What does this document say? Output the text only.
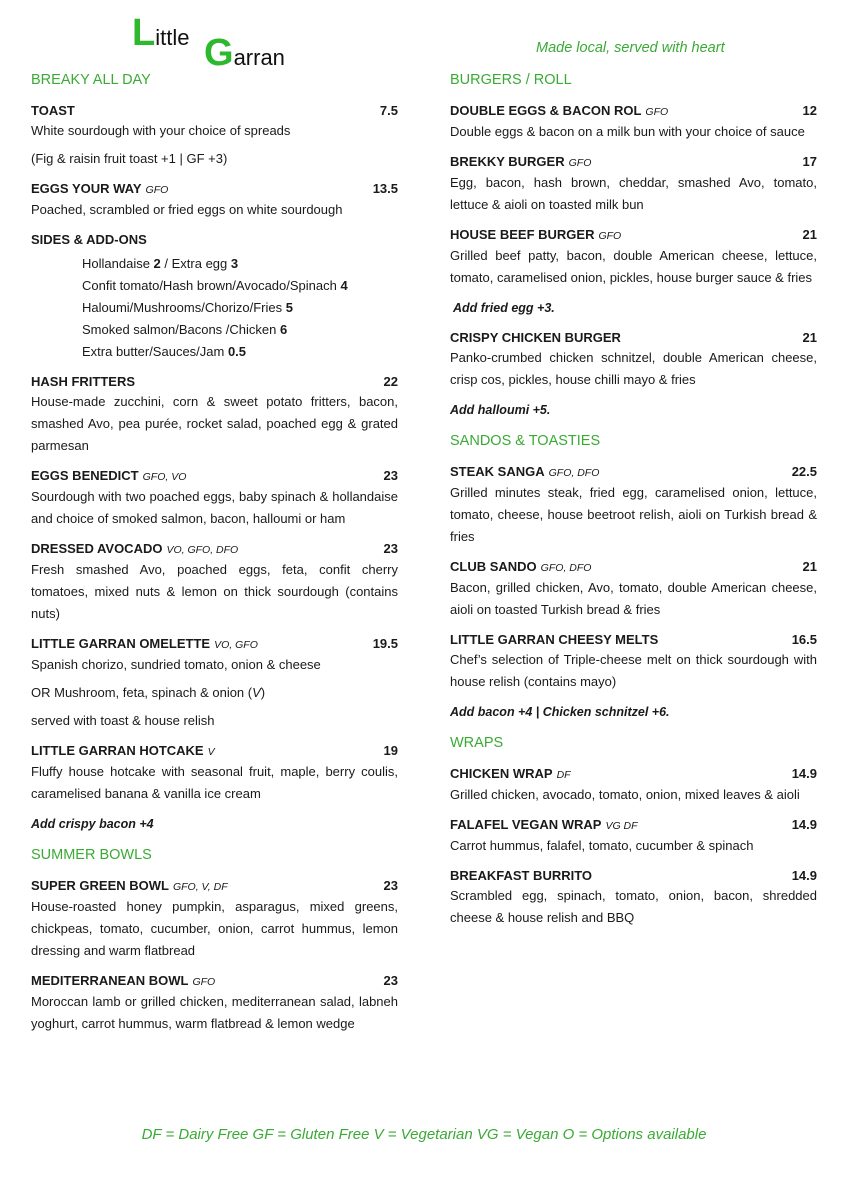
Little Garran	Made local, served with heart
BREAKY ALL DAY
TOAST	7.5
White sourdough with your choice of spreads
(Fig & raisin fruit toast +1 | GF +3)
EGGS YOUR WAY GFO	13.5
Poached, scrambled or fried eggs on white sourdough
SIDES & ADD-ONS
Hollandaise 2 / Extra egg 3
Confit tomato/Hash brown/Avocado/Spinach 4
Haloumi/Mushrooms/Chorizo/Fries 5
Smoked salmon/Bacons /Chicken 6
Extra butter/Sauces/Jam 0.5
HASH FRITTERS	22
House-made zucchini, corn & sweet potato fritters, bacon, smashed Avo, pea purée, rocket salad, poached egg & grated parmesan
EGGS BENEDICT GFO, VO	23
Sourdough with two poached eggs, baby spinach & hollandaise and choice of smoked salmon, bacon, halloumi or ham
DRESSED AVOCADO VO, GFO, DFO	23
Fresh smashed Avo, poached eggs, feta, confit cherry tomatoes, mixed nuts & lemon on thick sourdough (contains nuts)
LITTLE GARRAN OMELETTE VO, GFO	19.5
Spanish chorizo, sundried tomato, onion & cheese
OR Mushroom, feta, spinach & onion (V)
served with toast & house relish
LITTLE GARRAN HOTCAKE V	19
Fluffy house hotcake with seasonal fruit, maple, berry coulis, caramelised banana & vanilla ice cream
Add crispy bacon +4
SUMMER BOWLS
SUPER GREEN BOWL GFO, V, DF	23
House-roasted honey pumpkin, asparagus, mixed greens, chickpeas, tomato, cucumber, onion, carrot hummus, lemon dressing and warm flatbread
MEDITERRANEAN BOWL GFO	23
Moroccan lamb or grilled chicken, mediterranean salad, labneh yoghurt, carrot hummus, warm flatbread & lemon wedge
BURGERS / ROLL
DOUBLE EGGS & BACON ROL GFO	12
Double eggs & bacon on a milk bun with your choice of sauce
BREKKY BURGER GFO	17
Egg, bacon, hash brown, cheddar, smashed Avo, tomato, lettuce & aioli on toasted milk bun
HOUSE BEEF BURGER GFO	21
Grilled beef patty, bacon, double American cheese, lettuce, tomato, caramelised onion, pickles, house burger sauce & fries
Add fried egg +3.
CRISPY CHICKEN BURGER	21
Panko-crumbed chicken schnitzel, double American cheese, crisp cos, pickles, house chilli mayo & fries
Add halloumi +5.
SANDOS & TOASTIES
STEAK SANGA GFO, DFO	22.5
Grilled minutes steak, fried egg, caramelised onion, lettuce, tomato, cheese, house beetroot relish, aioli on Turkish bread & fries
CLUB SANDO GFO, DFO	21
Bacon, grilled chicken, Avo, tomato, double American cheese, aioli on toasted Turkish bread & fries
LITTLE GARRAN CHEESY MELTS	16.5
Chef’s selection of Triple-cheese melt on thick sourdough with house relish (contains mayo)
Add bacon +4 | Chicken schnitzel +6.
WRAPS
CHICKEN WRAP DF	14.9
Grilled chicken, avocado, tomato, onion, mixed leaves & aioli
FALAFEL VEGAN WRAP VG DF	14.9
Carrot hummus, falafel, tomato, cucumber & spinach
BREAKFAST BURRITO	14.9
Scrambled egg, spinach, tomato, onion, bacon, shredded cheese & house relish and BBQ
DF = Dairy Free GF = Gluten Free V = Vegetarian VG = Vegan O = Options available
